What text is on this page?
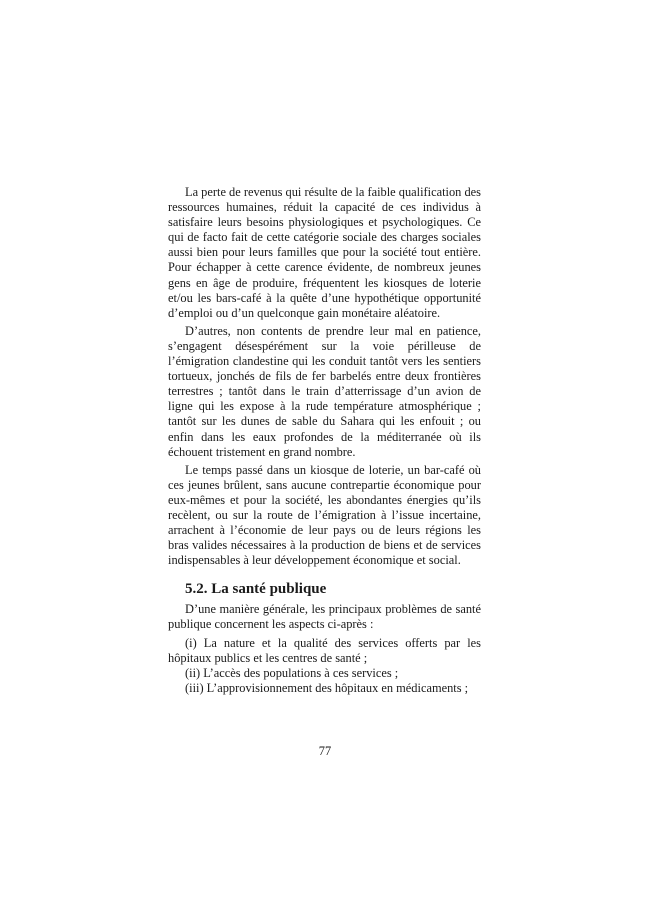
La perte de revenus qui résulte de la faible qualification des ressources humaines, réduit la capacité de ces individus à satisfaire leurs besoins physiologiques et psychologiques. Ce qui de facto fait de cette catégorie sociale des charges sociales aussi bien pour leurs familles que pour la société tout entière. Pour échapper à cette carence évidente, de nombreux jeunes gens en âge de produire, fréquentent les kiosques de loterie et/ou les bars-café à la quête d’une hypothétique opportunité d’emploi ou d’un quelconque gain monétaire aléatoire.

D’autres, non contents de prendre leur mal en patience, s’engagent désespérément sur la voie périlleuse de l’émigration clandestine qui les conduit tantôt vers les sentiers tortueux, jonchés de fils de fer barbelés entre deux frontières terrestres ; tantôt dans le train d’atterrissage d’un avion de ligne qui les expose à la rude température atmosphérique ; tantôt sur les dunes de sable du Sahara qui les enfouit ; ou enfin dans les eaux profondes de la méditerranée où ils échouent tristement en grand nombre.

Le temps passé dans un kiosque de loterie, un bar-café où ces jeunes brûlent, sans aucune contrepartie économique pour eux-mêmes et pour la société, les abondantes énergies qu’ils recèlent, ou sur la route de l’émigration à l’issue incertaine, arrachent à l’économie de leur pays ou de leurs régions les bras valides nécessaires à la production de biens et de services indispensables à leur développement économique et social.

5.2. La santé publique

D’une manière générale, les principaux problèmes de santé publique concernent les aspects ci-après :

(i) La nature et la qualité des services offerts par les hôpitaux publics et les centres de santé ;

(ii) L’accès des populations à ces services ;

(iii) L’approvisionnement des hôpitaux en médicaments ;

77
